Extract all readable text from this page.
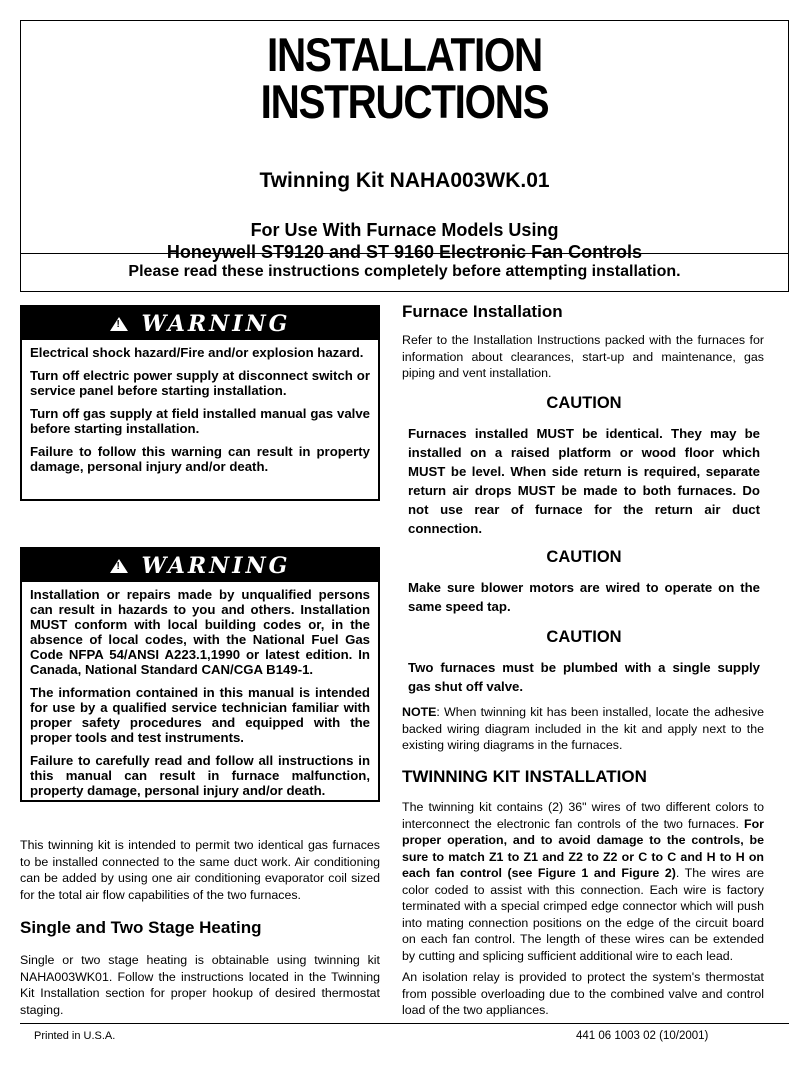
INSTALLATION
INSTRUCTIONS
Twinning Kit NAHA003WK.01
For Use With Furnace Models Using
Honeywell ST9120 and ST 9160 Electronic Fan Controls
Please read these instructions completely before attempting installation.
! WARNING

Electrical shock hazard/Fire and/or explosion hazard.

Turn off electric power supply at disconnect switch or service panel before starting installation.

Turn off gas supply at field installed manual gas valve before starting installation.

Failure to follow this warning can result in property damage, personal injury and/or death.

! WARNING

Installation or repairs made by unqualified persons can result in hazards to you and others. Installation MUST conform with local building codes or, in the absence of local codes, with the National Fuel Gas Code NFPA 54/ANSI A223.1,1990 or latest edition. In Canada, National Standard CAN/CGA B149-1.

The information contained in this manual is intended for use by a qualified service technician familiar with proper safety procedures and equipped with the proper tools and test instruments.

Failure to carefully read and follow all instructions in this manual can result in furnace malfunction, property damage, personal injury and/or death.

This twinning kit is intended to permit two identical gas furnaces to be installed connected to the same duct work. Air conditioning can be added by using one air conditioning evaporator coil sized for the total air flow capabilities of the two furnaces.

Single and Two Stage Heating

Single or two stage heating is obtainable using twinning kit NAHA003WK01. Follow the instructions located in the Twinning Kit Installation section for proper hookup of desired thermostat staging.

Furnace Installation

Refer to the Installation Instructions packed with the furnaces for information about clearances, start-up and maintenance, gas piping and vent installation.

CAUTION

Furnaces installed MUST be identical. They may be installed on a raised platform or wood floor which MUST be level. When side return is required, separate return air drops MUST be made to both furnaces. Do not use rear of furnace for the return air duct connection.

CAUTION

Make sure blower motors are wired to operate on the same speed tap.

CAUTION

Two furnaces must be plumbed with a single supply gas shut off valve.

NOTE: When twinning kit has been installed, locate the adhesive backed wiring diagram included in the kit and apply next to the existing wiring diagrams in the furnaces.

TWINNING KIT INSTALLATION

The twinning kit contains (2) 36" wires of two different colors to interconnect the electronic fan controls of the two furnaces. For proper operation, and to avoid damage to the controls, be sure to match Z1 to Z1 and Z2 to Z2 or C to C and H to H on each fan control (see Figure 1 and Figure 2). The wires are color coded to assist with this connection. Each wire is factory terminated with a special crimped edge connector which will push into mating connection positions on the edge of the circuit board on each fan control. The length of these wires can be extended by cutting and splicing sufficient additional wire to each lead.

An isolation relay is provided to protect the system's thermostat from possible overloading due to the combined valve and control load of the two appliances.

Printed in U.S.A.	441 06 1003 02 (10/2001)
